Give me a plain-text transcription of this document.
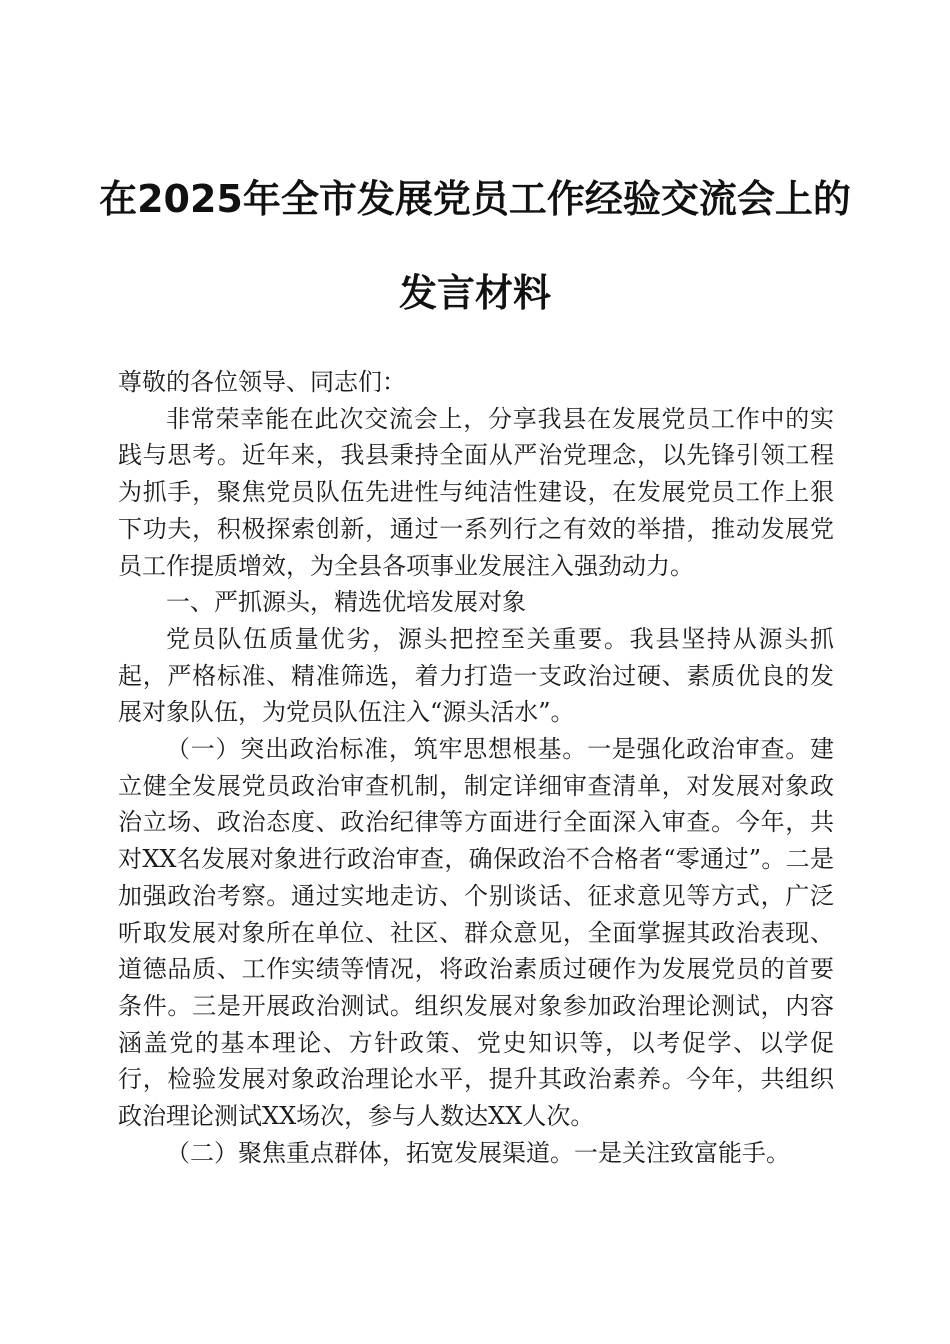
在2025年全市发展党员工作经验交流会上的
发言材料

尊敬的各位领导、同志们：

非常荣幸能在此次交流会上，分享我县在发展党员工作中的实践与思考。近年来，我县秉持全面从严治党理念，以先锋引领工程为抓手，聚焦党员队伍先进性与纯洁性建设，在发展党员工作上狠下功夫，积极探索创新，通过一系列行之有效的举措，推动发展党员工作提质增效，为全县各项事业发展注入强劲动力。

一、严抓源头，精选优培发展对象

党员队伍质量优劣，源头把控至关重要。我县坚持从源头抓起，严格标准、精准筛选，着力打造一支政治过硬、素质优良的发展对象队伍，为党员队伍注入“源头活水”。

（一）突出政治标准，筑牢思想根基。一是强化政治审查。建立健全发展党员政治审查机制，制定详细审查清单，对发展对象政治立场、政治态度、政治纪律等方面进行全面深入审查。今年，共对XX名发展对象进行政治审查，确保政治不合格者“零通过”。二是加强政治考察。通过实地走访、个别谈话、征求意见等方式，广泛听取发展对象所在单位、社区、群众意见，全面掌握其政治表现、道德品质、工作实绩等情况，将政治素质过硬作为发展党员的首要条件。三是开展政治测试。组织发展对象参加政治理论测试，内容涵盖党的基本理论、方针政策、党史知识等，以考促学、以学促行，检验发展对象政治理论水平，提升其政治素养。今年，共组织政治理论测试XX场次，参与人数达XX人次。

（二）聚焦重点群体，拓宽发展渠道。一是关注致富能手。
